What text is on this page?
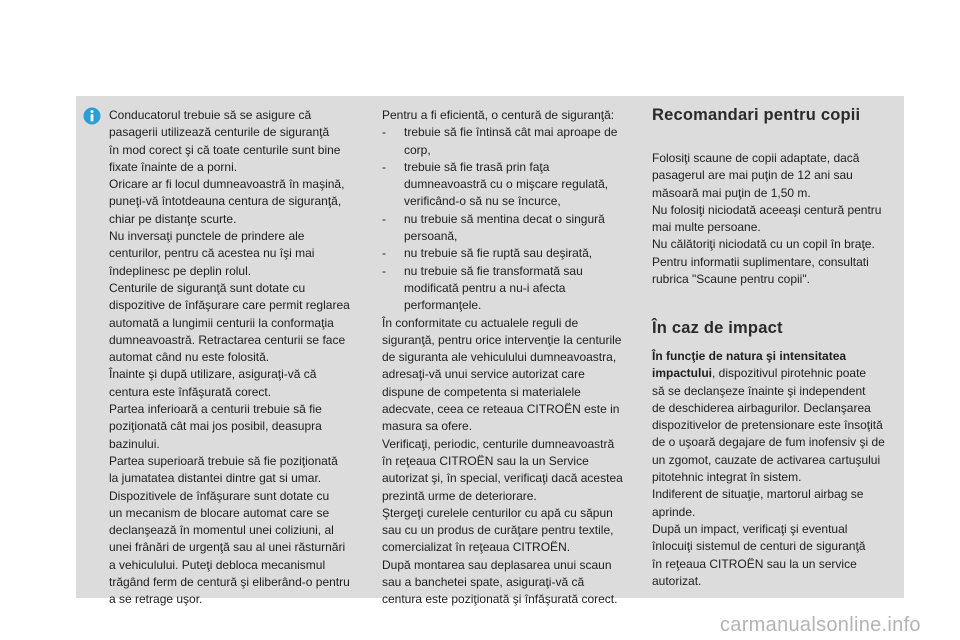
Conducatorul trebuie să se asigure că

pasagerii utilizează centurile de siguranţă

în mod corect şi că toate centurile sunt bine

fixate înainte de a porni.

Oricare ar fi locul dumneavoastră în maşină,

puneţi-vă întotdeauna centura de siguranţă,

chiar pe distanţe scurte.

Nu inversaţi punctele de prindere ale

centurilor, pentru că acestea nu îşi mai

îndeplinesc pe deplin rolul.

Centurile de siguranţă sunt dotate cu

dispozitive de înfăşurare care permit reglarea

automată a lungimii centurii la conformaţia

dumneavoastră. Retractarea centurii se face

automat când nu este folosită.

Înainte şi după utilizare, asiguraţi-vă că

centura este înfăşurată corect.

Partea inferioară a centurii trebuie să fie

poziţionată cât mai jos posibil, deasupra

bazinului.

Partea superioară trebuie să fie poziţionată

la jumatatea distantei dintre gat si umar.

Dispozitivele de înfăşurare sunt dotate cu

un mecanism de blocare automat care se

declanşează în momentul unei coliziuni, al

unei frânări de urgenţă sau al unei răsturnări

a vehiculului. Puteţi debloca mecanismul

trăgând ferm de centură şi eliberând-o pentru

a se retrage uşor.

Pentru a fi eficientă, o centură de siguranţă:

-	trebuie să fie întinsă cât mai aproape de

corp,

-	trebuie să fie trasă prin faţa

dumneavoastră cu o mişcare regulată,

verificând-o să nu se încurce,

-	nu trebuie să mentina decat o singură

persoană,

-	nu trebuie să fie ruptă sau deşirată,

-	nu trebuie să fie transformată sau

modificată pentru a nu-i afecta

performanţele.

În conformitate cu actualele reguli de

siguranţă, pentru orice intervenţie la centurile

de siguranta ale vehiculului dumneavoastra,

adresaţi-vă unui service autorizat care

dispune de competenta si materialele

adecvate, ceea ce reteaua CITROËN este in

masura sa ofere.

Verificaţi, periodic, centurile dumneavoastră

în reţeaua CITROËN sau la un Service

autorizat şi, în special, verificaţi dacă acestea

prezintă urme de deteriorare.

Ştergeţi curelele centurilor cu apă cu săpun

sau cu un produs de curăţare pentru textile,

comercializat în reţeaua CITROËN.

După montarea sau deplasarea unui scaun

sau a banchetei spate, asiguraţi-vă că

centura este poziţionată şi înfăşurată corect.

Recomandari pentru copii

Folosiţi scaune de copii adaptate, dacă

pasagerul are mai puţin de 12 ani sau

măsoară mai puţin de 1,50 m.

Nu folosiţi niciodată aceeaşi centură pentru

mai multe persoane.

Nu călătoriţi niciodată cu un copil în braţe.

Pentru informatii suplimentare, consultati

rubrica "Scaune pentru copii".

În caz de impact

În funcţie de natura şi intensitatea

impactului, dispozitivul pirotehnic poate

să se declanşeze înainte şi independent

de deschiderea airbagurilor. Declanşarea

dispozitivelor de pretensionare este însoţită

de o uşoară degajare de fum inofensiv şi de

un zgomot, cauzate de activarea cartuşului

pitotehnic integrat în sistem.

Indiferent de situaţie, martorul airbag se

aprinde.

După un impact, verificaţi şi eventual

înlocuiţi sistemul de centuri de siguranţă

în reţeaua CITROËN sau la un service

autorizat.

carmanualsonline.info
